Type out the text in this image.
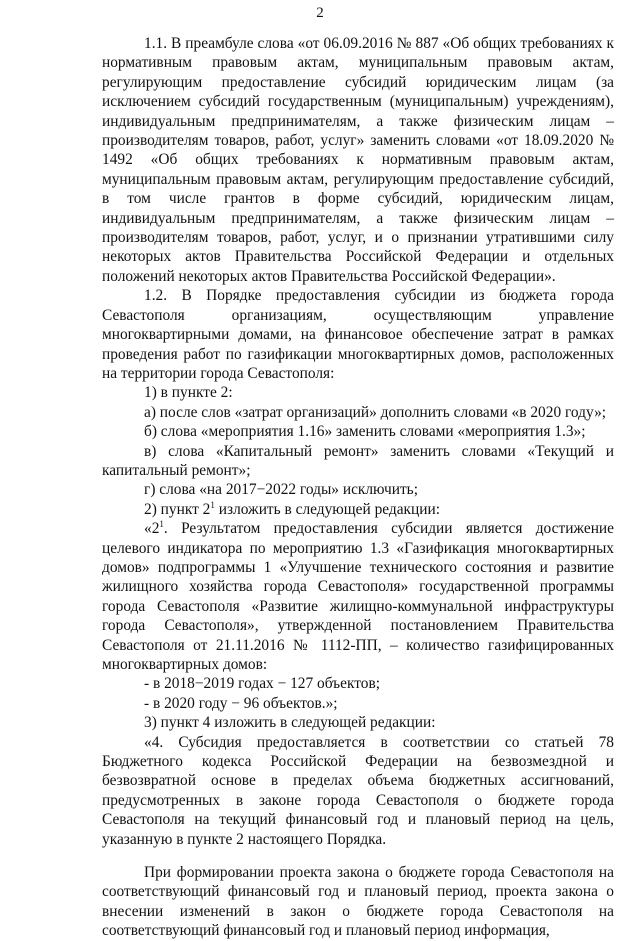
2

1.1. В преамбуле слова «от 06.09.2016 № 887 «Об общих требованиях к нормативным правовым актам, муниципальным правовым актам, регулирующим предоставление субсидий юридическим лицам (за исключением субсидий государственным (муниципальным) учреждениям), индивидуальным предпринимателям, а также физическим лицам – производителям товаров, работ, услуг» заменить словами «от 18.09.2020 № 1492 «Об общих требованиях к нормативным правовым актам, муниципальным правовым актам, регулирующим предоставление субсидий, в том числе грантов в форме субсидий, юридическим лицам, индивидуальным предпринимателям, а также физическим лицам – производителям товаров, работ, услуг, и о признании утратившими силу некоторых актов Правительства Российской Федерации и отдельных положений некоторых актов Правительства Российской Федерации».

1.2. В Порядке предоставления субсидии из бюджета города Севастополя организациям, осуществляющим управление многоквартирными домами, на финансовое обеспечение затрат в рамках проведения работ по газификации многоквартирных домов, расположенных на территории города Севастополя:

1) в пункте 2:

а) после слов «затрат организаций» дополнить словами «в 2020 году»;

б) слова «мероприятия 1.16» заменить словами «мероприятия 1.3»;

в) слова «Капитальный ремонт» заменить словами «Текущий и капитальный ремонт»;

г) слова «на 2017−2022 годы» исключить;

2) пункт $2^1$ изложить в следующей редакции:

«$2^1$. Результатом предоставления субсидии является достижение целевого индикатора по мероприятию 1.3 «Газификация многоквартирных домов» подпрограммы 1 «Улучшение технического состояния и развитие жилищного хозяйства города Севастополя» государственной программы города Севастополя «Развитие жилищно-коммунальной инфраструктуры города Севастополя», утвержденной постановлением Правительства Севастополя от 21.11.2016 № 1112-ПП, – количество газифицированных многоквартирных домов:

- в 2018−2019 годах − 127 объектов;

- в 2020 году − 96 объектов.»;

3) пункт 4 изложить в следующей редакции:

«4. Субсидия предоставляется в соответствии со статьей 78 Бюджетного кодекса Российской Федерации на безвозмездной и безвозвратной основе в пределах объема бюджетных ассигнований, предусмотренных в законе города Севастополя о бюджете города Севастополя на текущий финансовый год и плановый период на цель, указанную в пункте 2 настоящего Порядка.

При формировании проекта закона о бюджете города Севастополя на соответствующий финансовый год и плановый период, проекта закона о внесении изменений в закон о бюджете города Севастополя на соответствующий финансовый год и плановый период информация,
